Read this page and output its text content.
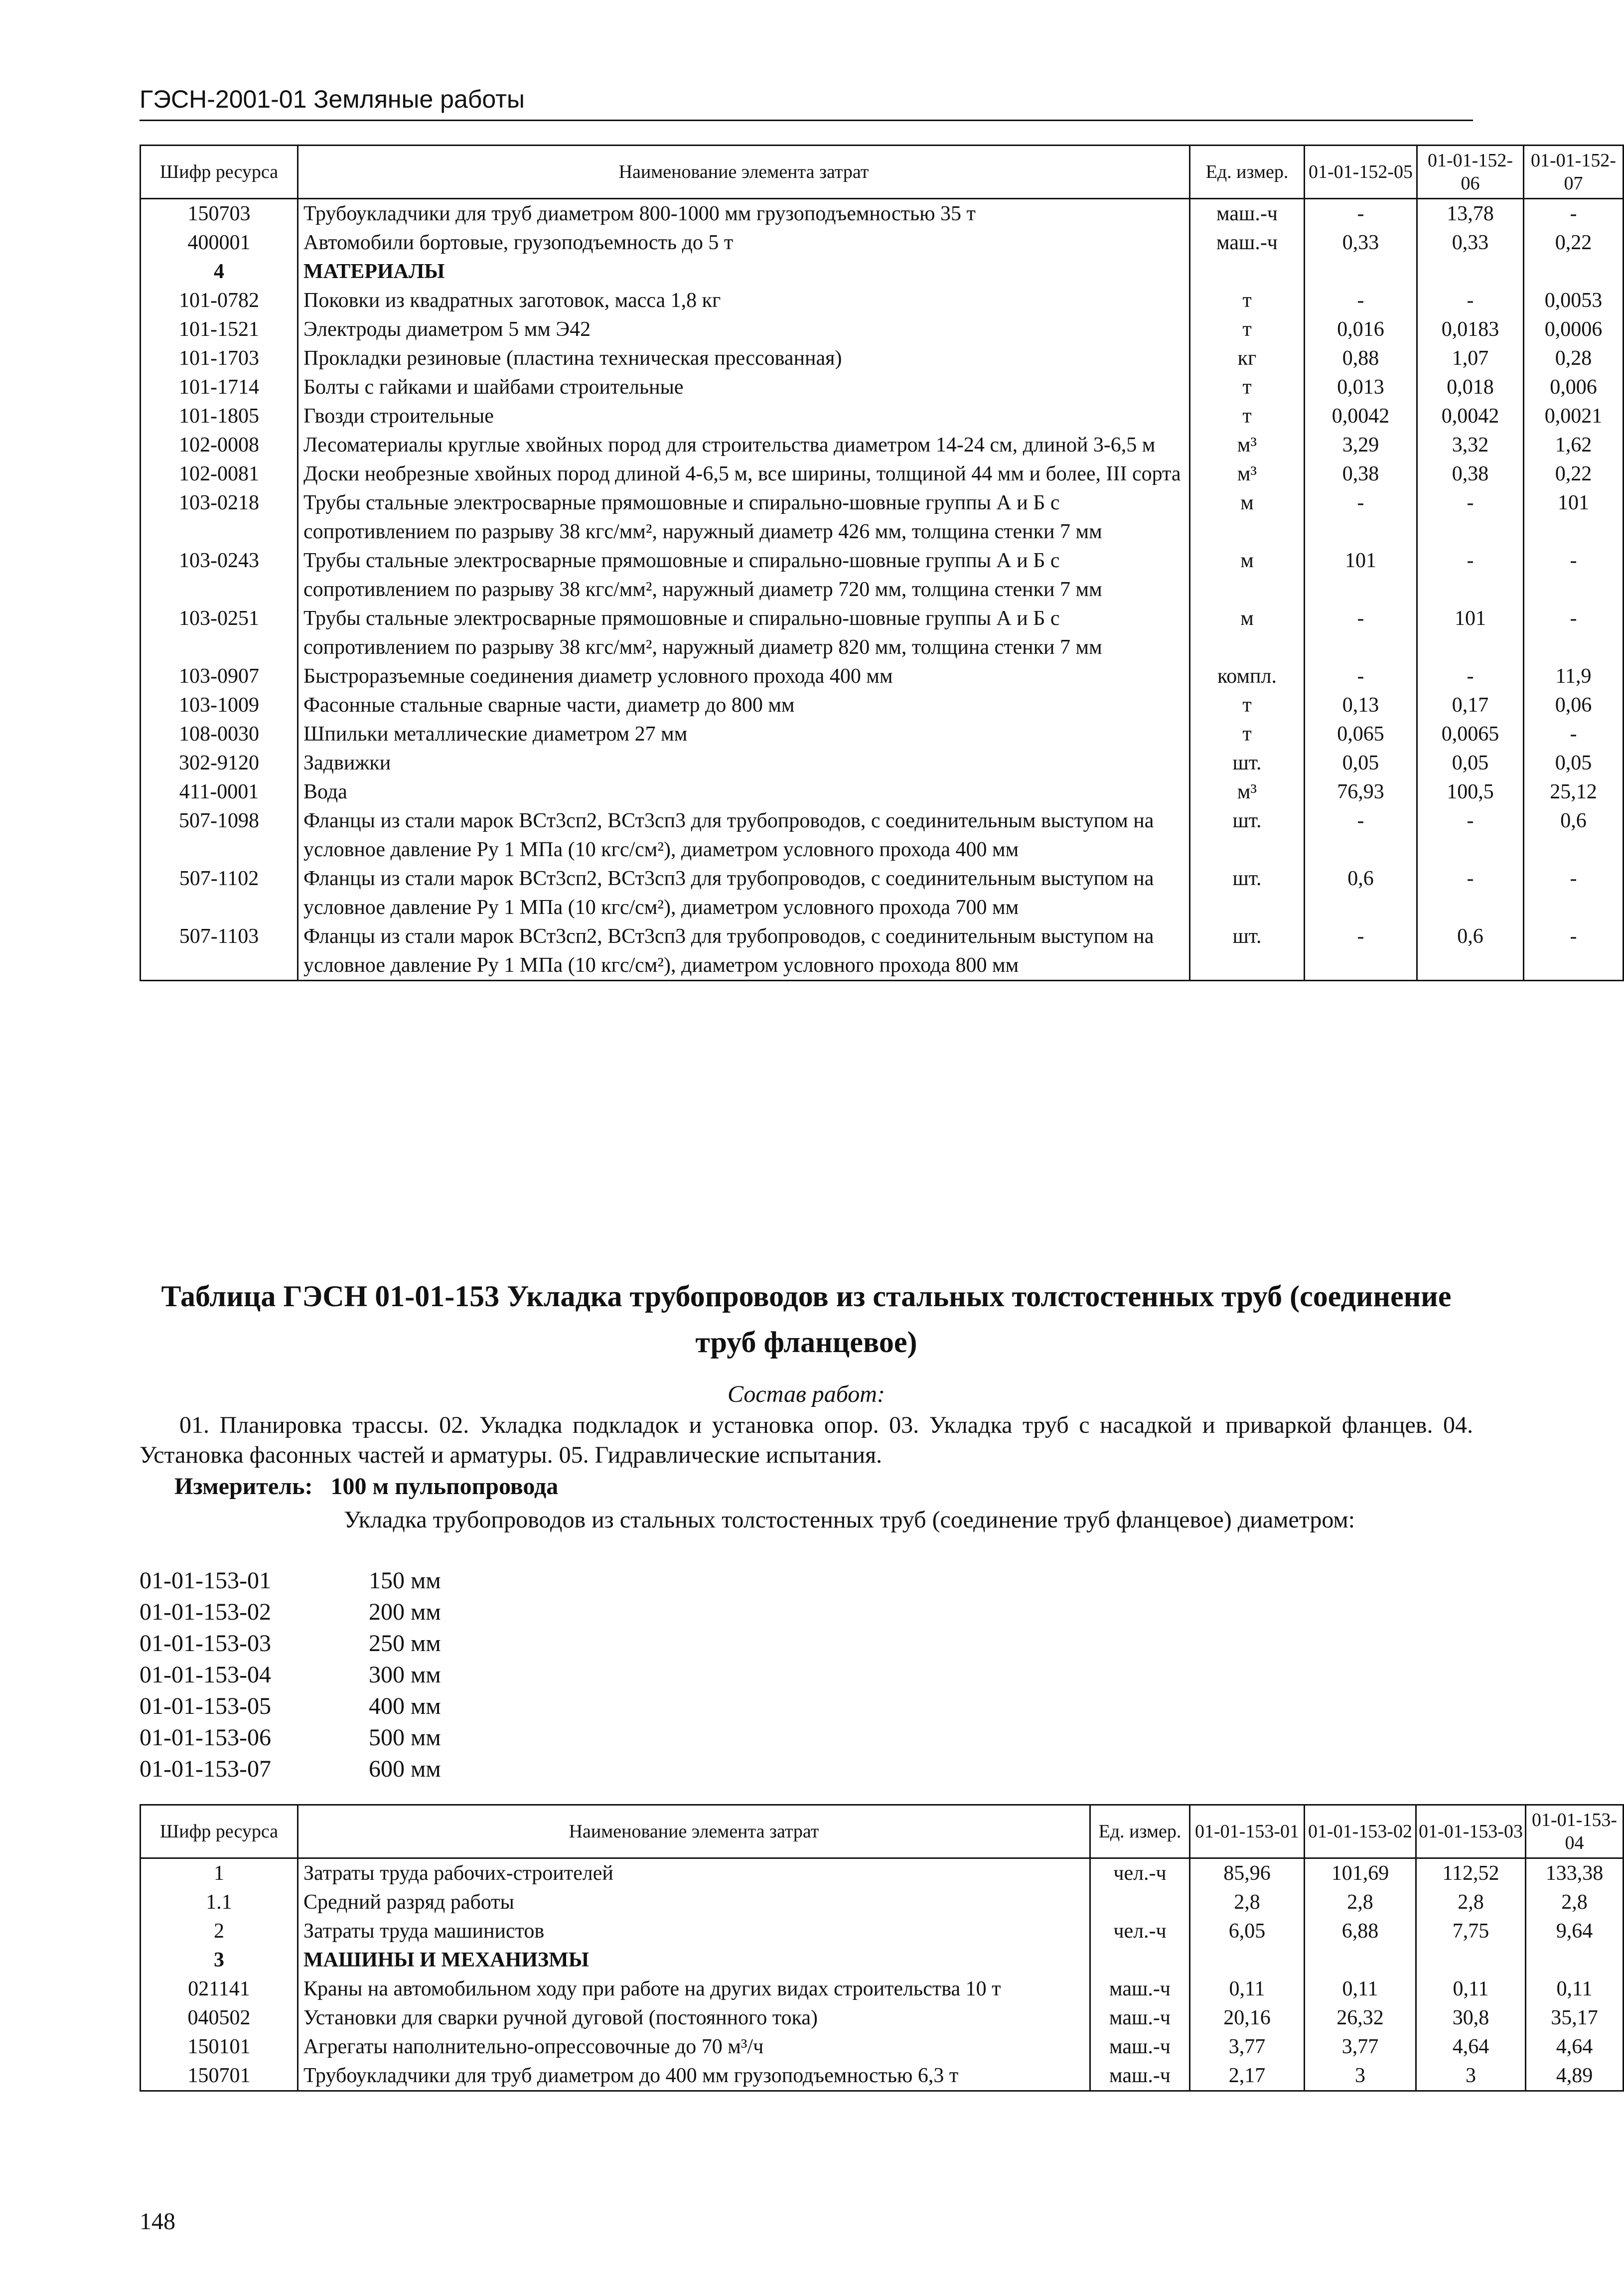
ГЭСН-2001-01 Земляные работы
Шифр ресурса	Наименование элемента затрат	Ед. измер.	01-01-152-05	01-01-152-06	01-01-152-07
150703	Трубоукладчики для труб диаметром 800-1000 мм грузоподъемностью 35 т	маш.-ч	-	13,78	-
400001	Автомобили бортовые, грузоподъемность до 5 т	маш.-ч	0,33	0,33	0,22
4	МАТЕРИАЛЫ				
101-0782	Поковки из квадратных заготовок, масса 1,8 кг	т	-	-	0,0053
101-1521	Электроды диаметром 5 мм Э42	т	0,016	0,0183	0,0006
101-1703	Прокладки резиновые (пластина техническая прессованная)	кг	0,88	1,07	0,28
101-1714	Болты с гайками и шайбами строительные	т	0,013	0,018	0,006
101-1805	Гвозди строительные	т	0,0042	0,0042	0,0021
102-0008	Лесоматериалы круглые хвойных пород для строительства диаметром 14-24 см, длиной 3-6,5 м	м³	3,29	3,32	1,62
102-0081	Доски необрезные хвойных пород длиной 4-6,5 м, все ширины, толщиной 44 мм и более, III сорта	м³	0,38	0,38	0,22
103-0218	Трубы стальные электросварные прямошовные и спирально-шовные группы А и Б с сопротивлением по разрыву 38 кгс/мм², наружный диаметр 426 мм, толщина стенки 7 мм	м	-	-	101
103-0243	Трубы стальные электросварные прямошовные и спирально-шовные группы А и Б с сопротивлением по разрыву 38 кгс/мм², наружный диаметр 720 мм, толщина стенки 7 мм	м	101	-	-
103-0251	Трубы стальные электросварные прямошовные и спирально-шовные группы А и Б с сопротивлением по разрыву 38 кгс/мм², наружный диаметр 820 мм, толщина стенки 7 мм	м	-	101	-
103-0907	Быстроразъемные соединения диаметр условного прохода 400 мм	компл.	-	-	11,9
103-1009	Фасонные стальные сварные части, диаметр до 800 мм	т	0,13	0,17	0,06
108-0030	Шпильки металлические диаметром 27 мм	т	0,065	0,0065	-
302-9120	Задвижки	шт.	0,05	0,05	0,05
411-0001	Вода	м³	76,93	100,5	25,12
507-1098	Фланцы из стали марок ВСт3сп2, ВСт3сп3 для трубопроводов, с соединительным выступом на условное давление Ру 1 МПа (10 кгс/см²), диаметром условного прохода 400 мм	шт.	-	-	0,6
507-1102	Фланцы из стали марок ВСт3сп2, ВСт3сп3 для трубопроводов, с соединительным выступом на условное давление Ру 1 МПа (10 кгс/см²), диаметром условного прохода 700 мм	шт.	0,6	-	-
507-1103	Фланцы из стали марок ВСт3сп2, ВСт3сп3 для трубопроводов, с соединительным выступом на условное давление Ру 1 МПа (10 кгс/см²), диаметром условного прохода 800 мм	шт.	-	0,6	-
Таблица ГЭСН 01-01-153 Укладка трубопроводов из стальных толстостенных труб (соединение труб фланцевое)
Состав работ:
01. Планировка трассы. 02. Укладка подкладок и установка опор. 03. Укладка труб с насадкой и приваркой фланцев. 04. Установка фасонных частей и арматуры. 05. Гидравлические испытания.
Измеритель: 100 м пульпопровода
Укладка трубопроводов из стальных толстостенных труб (соединение труб фланцевое) диаметром:
01-01-153-01	150 мм
01-01-153-02	200 мм
01-01-153-03	250 мм
01-01-153-04	300 мм
01-01-153-05	400 мм
01-01-153-06	500 мм
01-01-153-07	600 мм
Шифр ресурса	Наименование элемента затрат	Ед. измер.	01-01-153-01	01-01-153-02	01-01-153-03	01-01-153-04
1	Затраты труда рабочих-строителей	чел.-ч	85,96	101,69	112,52	133,38
1.1	Средний разряд работы		2,8	2,8	2,8	2,8
2	Затраты труда машинистов	чел.-ч	6,05	6,88	7,75	9,64
3	МАШИНЫ И МЕХАНИЗМЫ					
021141	Краны на автомобильном ходу при работе на других видах строительства 10 т	маш.-ч	0,11	0,11	0,11	0,11
040502	Установки для сварки ручной дуговой (постоянного тока)	маш.-ч	20,16	26,32	30,8	35,17
150101	Агрегаты наполнительно-опрессовочные до 70 м³/ч	маш.-ч	3,77	3,77	4,64	4,64
150701	Трубоукладчики для труб диаметром до 400 мм грузоподъемностью 6,3 т	маш.-ч	2,17	3	3	4,89
148
